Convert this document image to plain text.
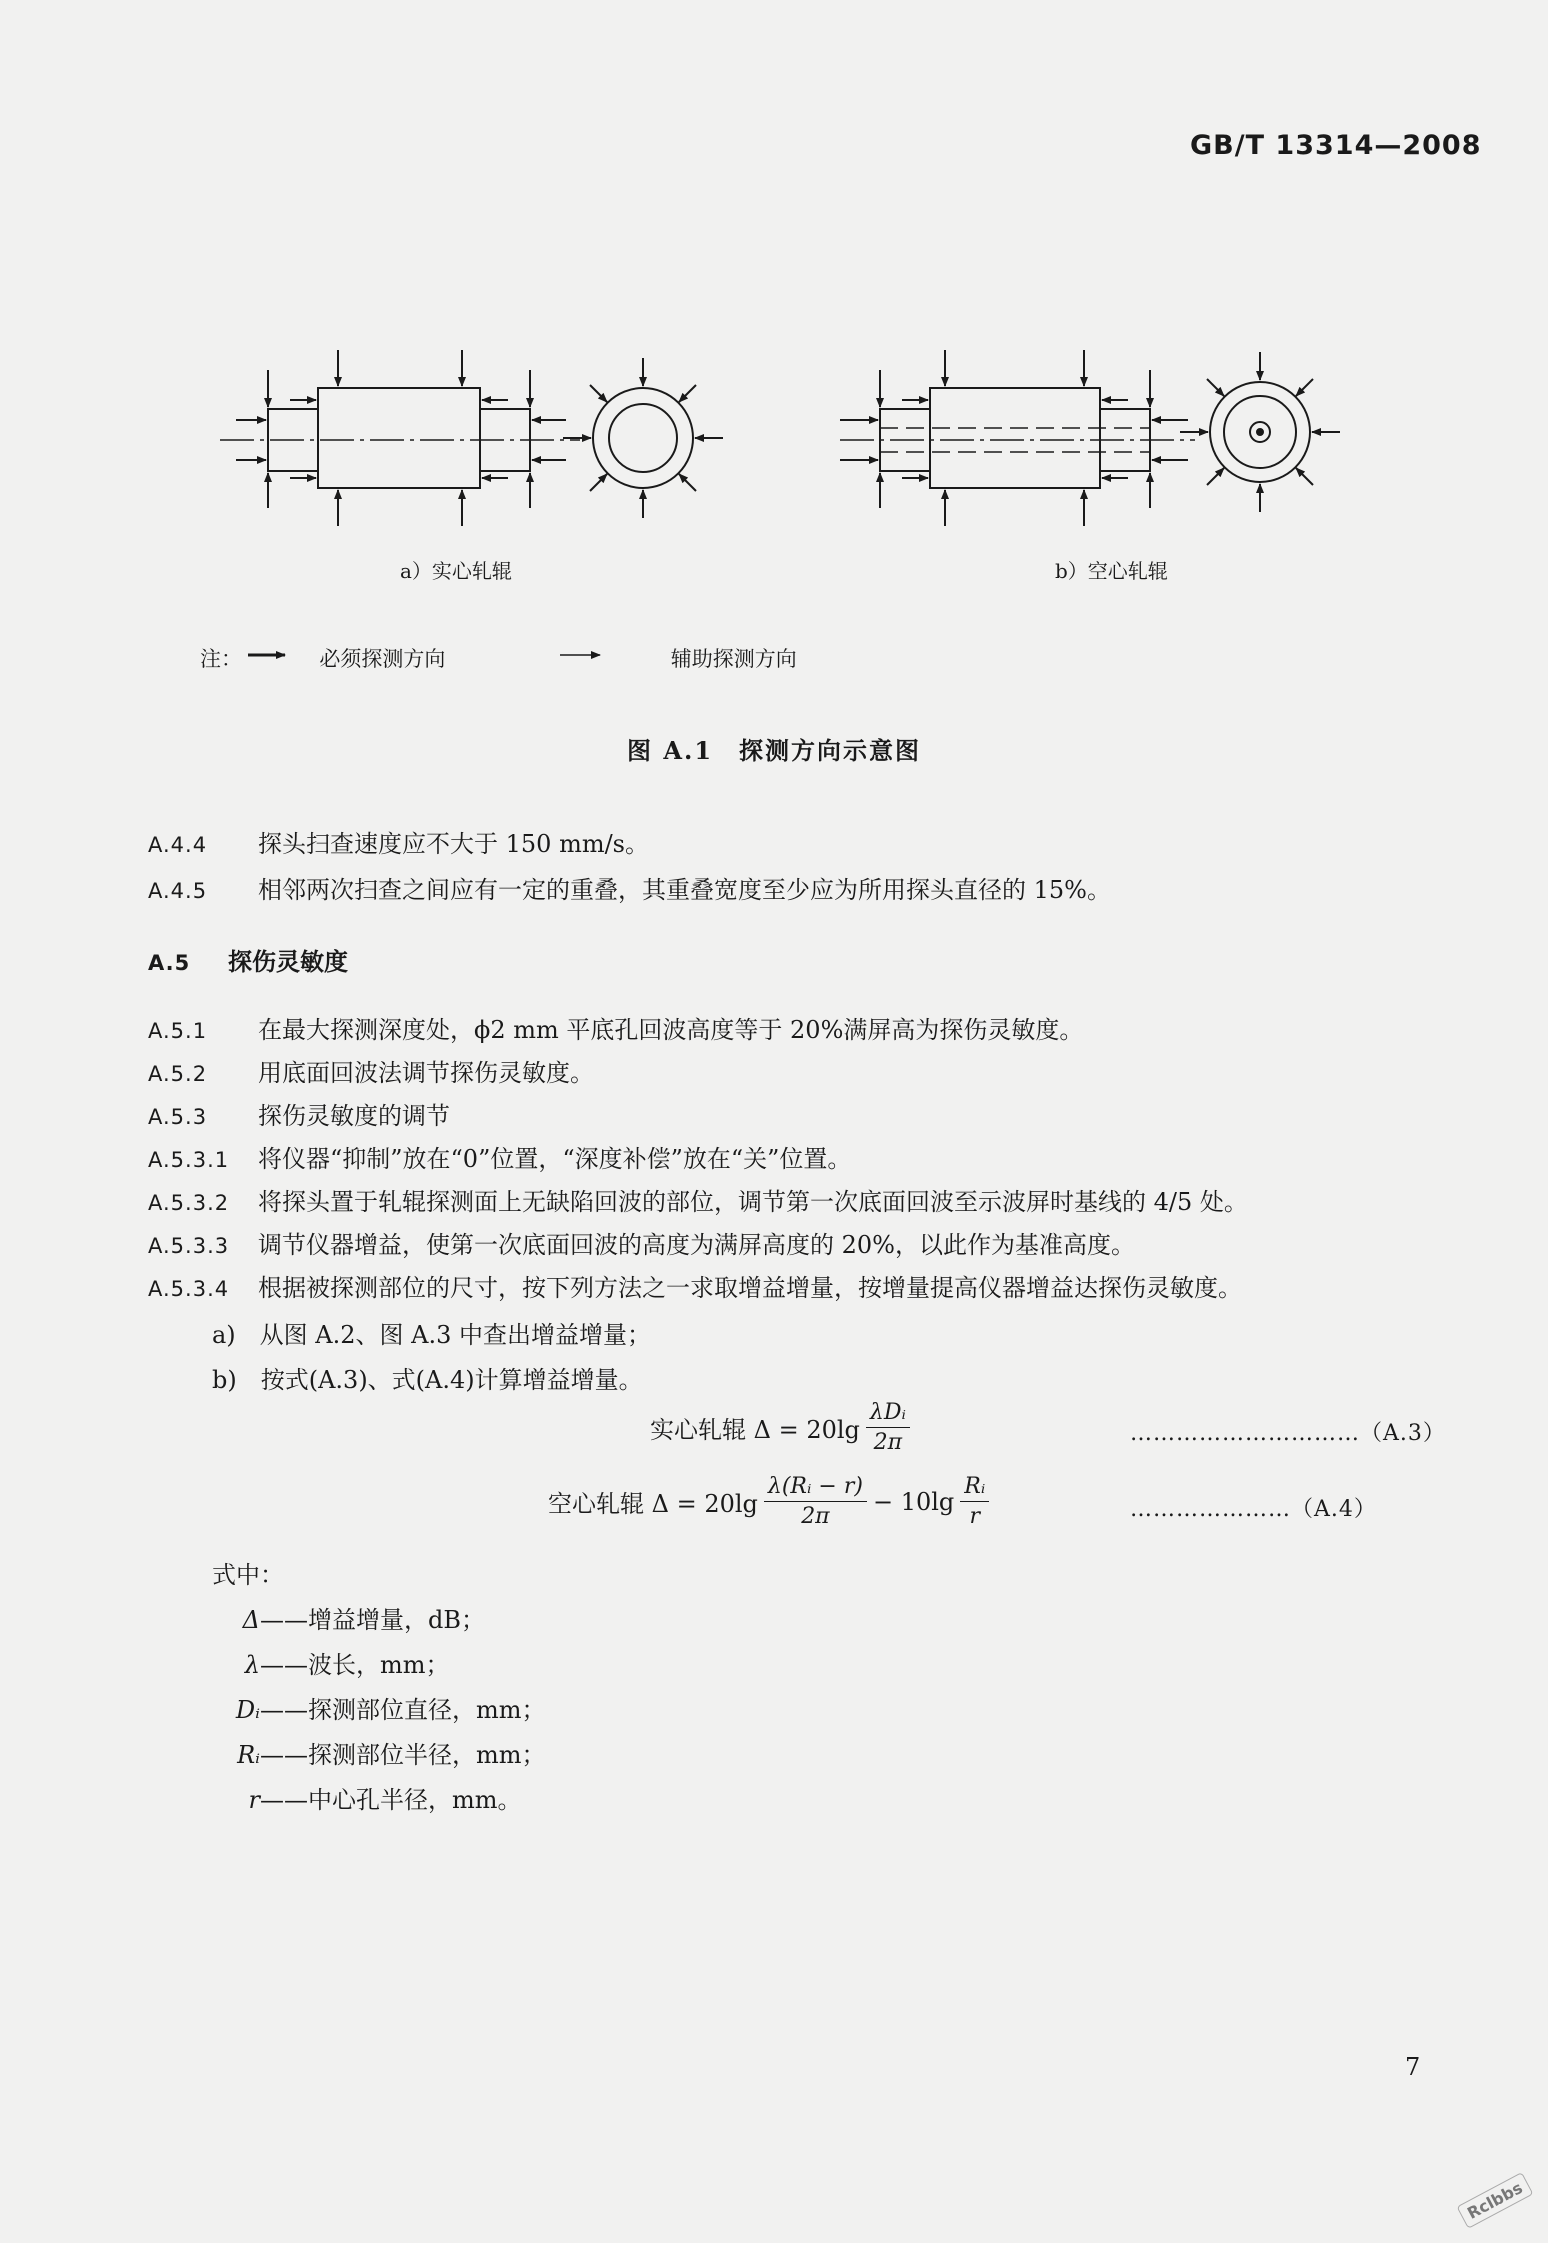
GB/T 13314—2008
a）实心轧辊	b）空心轧辊
注：	必须探测方向	辅助探测方向
图 A.1　探测方向示意图
A.4.4 探头扫查速度应不大于 150 mm/s。
A.4.5 相邻两次扫查之间应有一定的重叠，其重叠宽度至少应为所用探头直径的 15%。
A.5 探伤灵敏度
A.5.1 在最大探测深度处，ϕ2 mm 平底孔回波高度等于 20%满屏高为探伤灵敏度。
A.5.2 用底面回波法调节探伤灵敏度。
A.5.3 探伤灵敏度的调节
A.5.3.1 将仪器“抑制”放在“0”位置，“深度补偿”放在“关”位置。
A.5.3.2 将探头置于轧辊探测面上无缺陷回波的部位，调节第一次底面回波至示波屏时基线的 4/5 处。
A.5.3.3 调节仪器增益，使第一次底面回波的高度为满屏高度的 20%，以此作为基准高度。
A.5.3.4 根据被探测部位的尺寸，按下列方法之一求取增益增量，按增量提高仪器增益达探伤灵敏度。
a)　从图 A.2、图 A.3 中查出增益增量；
b)　按式(A.3)、式(A.4)计算增益增量。
实心轧辊 $\Delta = 20\lg \frac{\text{λDᵢ}}{2\pi}$	…………………………（A.3）
空心轧辊 $\Delta = 20\lg \frac{\text{λ(Rᵢ − r)}}{2\pi} - 10\lg \frac{\text{Rᵢ}}{r}$	…………………（A.4）
式中：
Δ——增益增量，dB；
λ——波长，mm；
Dᵢ——探测部位直径，mm；
Rᵢ——探测部位半径，mm；
r——中心孔半径，mm。
7
Rclbbs
